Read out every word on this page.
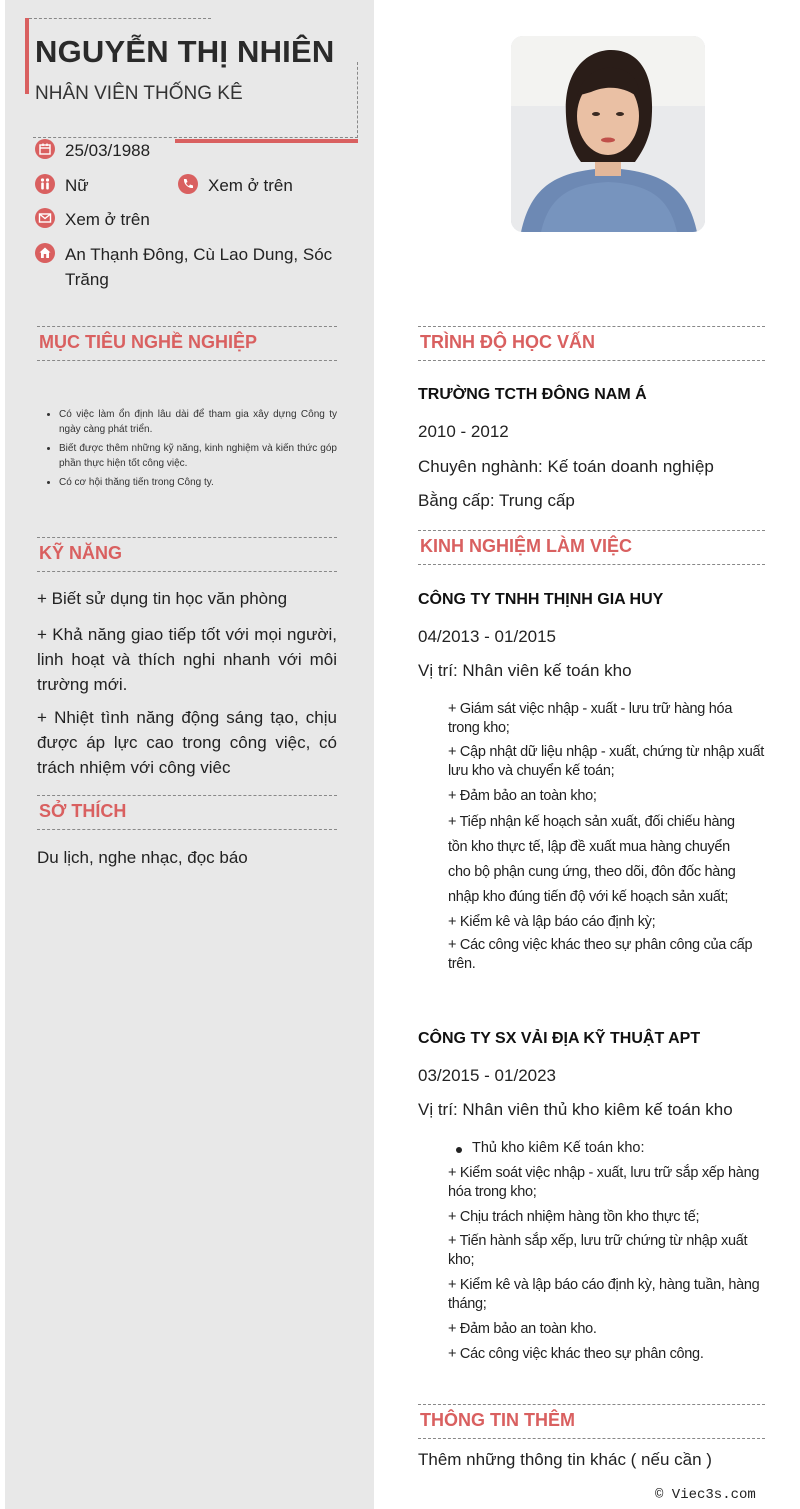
NGUYỄN THỊ NHIÊN
NHÂN VIÊN THỐNG KÊ
25/03/1988
Nữ	Xem ở trên
Xem ở trên
An Thạnh Đông, Cù Lao Dung, Sóc
Trăng
MỤC TIÊU NGHỀ NGHIỆP
• Có việc làm ổn định lâu dài để tham gia xây dựng Công ty ngày càng phát triển.
• Biết được thêm những kỹ năng, kinh nghiệm và kiến thức góp phần thực hiện tốt công việc.
• Có cơ hội thăng tiến trong Công ty.
KỸ NĂNG
+ Biết sử dụng tin học văn phòng
+ Khả năng giao tiếp tốt với mọi người, linh hoạt và thích nghi nhanh với môi trường mới.
+ Nhiệt tình năng động sáng tạo, chịu được áp lực cao trong công việc, có trách nhiệm với công viêc
SỞ THÍCH
Du lịch, nghe nhạc, đọc báo
TRÌNH ĐỘ HỌC VẤN
TRƯỜNG TCTH ĐÔNG NAM Á
2010 - 2012
Chuyên nghành: Kế toán doanh nghiệp
Bằng cấp: Trung cấp
KINH NGHIỆM LÀM VIỆC
CÔNG TY TNHH THỊNH GIA HUY
04/2013 - 01/2015
Vị trí: Nhân viên kế toán kho
+ Giám sát việc nhập - xuất - lưu trữ hàng hóa trong kho;
+ Cập nhật dữ liệu nhập - xuất, chứng từ nhập xuất lưu kho và chuyển kế toán;
+ Đảm bảo an toàn kho;
+ Tiếp nhận kế hoạch sản xuất, đối chiếu hàng tồn kho thực tế, lập đề xuất mua hàng chuyển cho bộ phận cung ứng, theo dõi, đôn đốc hàng nhập kho đúng tiến độ với kế hoạch sản xuất;
+ Kiểm kê và lập báo cáo định kỳ;
+ Các công việc khác theo sự phân công của cấp trên.
CÔNG TY SX VẢI ĐỊA KỸ THUẬT APT
03/2015 - 01/2023
Vị trí: Nhân viên thủ kho kiêm kế toán kho
Thủ kho kiêm Kế toán kho:
+ Kiểm soát việc nhập - xuất, lưu trữ sắp xếp hàng hóa trong kho;
+ Chịu trách nhiệm hàng tồn kho thực tế;
+ Tiến hành sắp xếp, lưu trữ chứng từ nhập xuất kho;
+ Kiểm kê và lập báo cáo định kỳ, hàng tuần, hàng tháng;
+ Đảm bảo an toàn kho.
+ Các công việc khác theo sự phân công.
THÔNG TIN THÊM
Thêm những thông tin khác ( nếu cần )
© Viec3s.com
